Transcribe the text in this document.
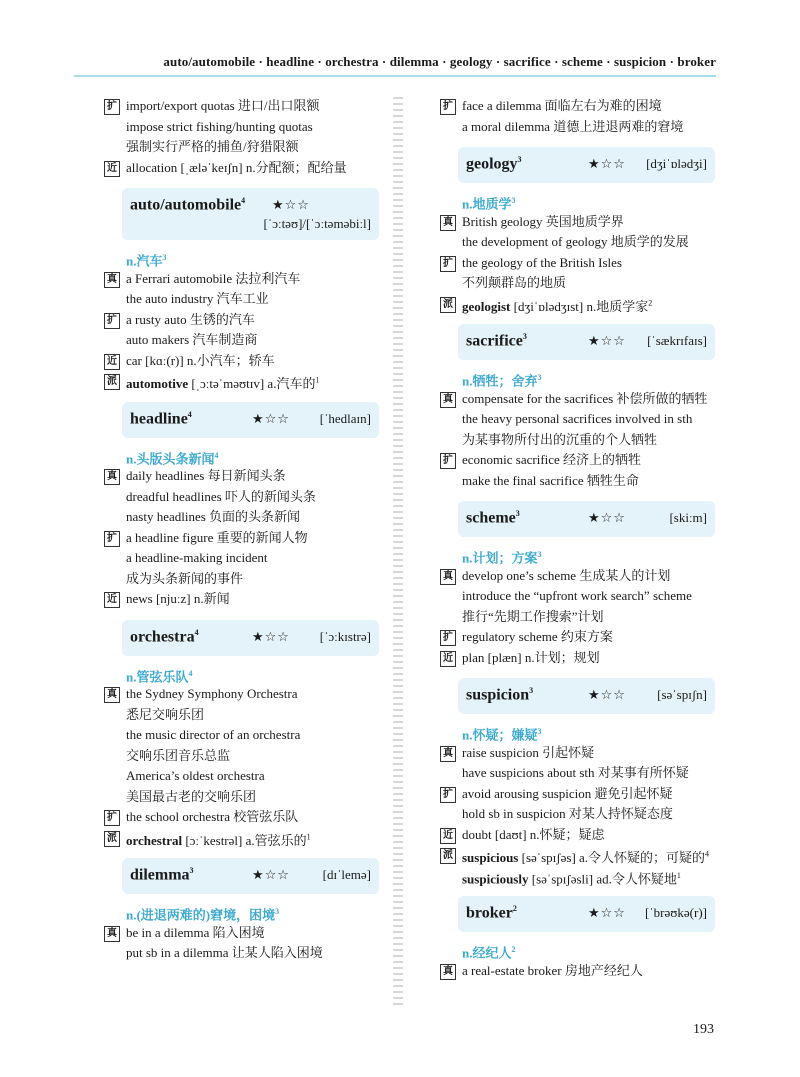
auto/automobile · headline · orchestra · dilemma · geology · sacrifice · scheme · suspicion · broker
扩 import/export quotas 进口/出口限额
impose strict fishing/hunting quotas
强制实行严格的捕鱼/狩猎限额
近 allocation [ˌæləˈkeɪʃn] n.分配额；配给量
auto/automobile$^4$ ★☆☆
[ˈɔːtəʊ]/[ˈɔːtəməbiːl]
n.汽车$^3$
真 a Ferrari automobile 法拉利汽车
the auto industry 汽车工业
扩 a rusty auto 生锈的汽车
auto makers 汽车制造商
近 car [kɑː(r)] n.小汽车；轿车
派 automotive [ˌɔːtəˈməʊtɪv] a.汽车的$^1$
headline$^4$	★☆☆ [ˈhedlaɪn]
n.头版头条新闻$^4$
真 daily headlines 每日新闻头条
dreadful headlines 吓人的新闻头条
nasty headlines 负面的头条新闻
扩 a headline figure 重要的新闻人物
a headline-making incident
成为头条新闻的事件
近 news [njuːz] n.新闻
orchestra$^4$	★☆☆ [ˈɔːkɪstrə]
n.管弦乐队$^4$
真 the Sydney Symphony Orchestra
悉尼交响乐团
the music director of an orchestra
交响乐团音乐总监
America’s oldest orchestra
美国最古老的交响乐团
扩 the school orchestra 校管弦乐队
派 orchestral [ɔːˈkestrəl] a.管弦乐的$^1$
dilemma$^3$	★☆☆	[dɪˈlemə]
n.(进退两难的)窘境，困境$^3$
真 be in a dilemma 陷入困境
put sb in a dilemma 让某人陷入困境
扩 face a dilemma 面临左右为难的困境
a moral dilemma 道德上进退两难的窘境
geology$^3$	★☆☆ [dʒiˈɒlədʒi]
n.地质学$^3$
真 British geology 英国地质学界
the development of geology 地质学的发展
扩 the geology of the British Isles
不列颠群岛的地质
派 geologist [dʒiˈɒlədʒɪst] n.地质学家$^2$
sacrifice$^3$	★☆☆ [ˈsækrɪfaɪs]
n.牺牲；舍弃$^3$
真 compensate for the sacrifices 补偿所做的牺牲
the heavy personal sacrifices involved in sth
为某事物所付出的沉重的个人牺牲
扩 economic sacrifice 经济上的牺牲
make the final sacrifice 牺牲生命
scheme$^3$	★☆☆	[skiːm]
n.计划；方案$^3$
真 develop one’s scheme 生成某人的计划
introduce the “upfront work search” scheme
推行“先期工作搜索”计划
扩 regulatory scheme 约束方案
近 plan [plæn] n.计划；规划
suspicion$^3$	★☆☆ [səˈspɪʃn]
n.怀疑；嫌疑$^3$
真 raise suspicion 引起怀疑
have suspicions about sth 对某事有所怀疑
扩 avoid arousing suspicion 避免引起怀疑
hold sb in suspicion 对某人持怀疑态度
近 doubt [daʊt] n.怀疑；疑虑
派 suspicious [səˈspɪʃəs] a.令人怀疑的；可疑的$^4$
suspiciously [səˈspɪʃəsli] ad.令人怀疑地$^1$
broker$^2$	★☆☆ [ˈbrəʊkə(r)]
n.经纪人$^2$
真 a real-estate broker 房地产经纪人
193
